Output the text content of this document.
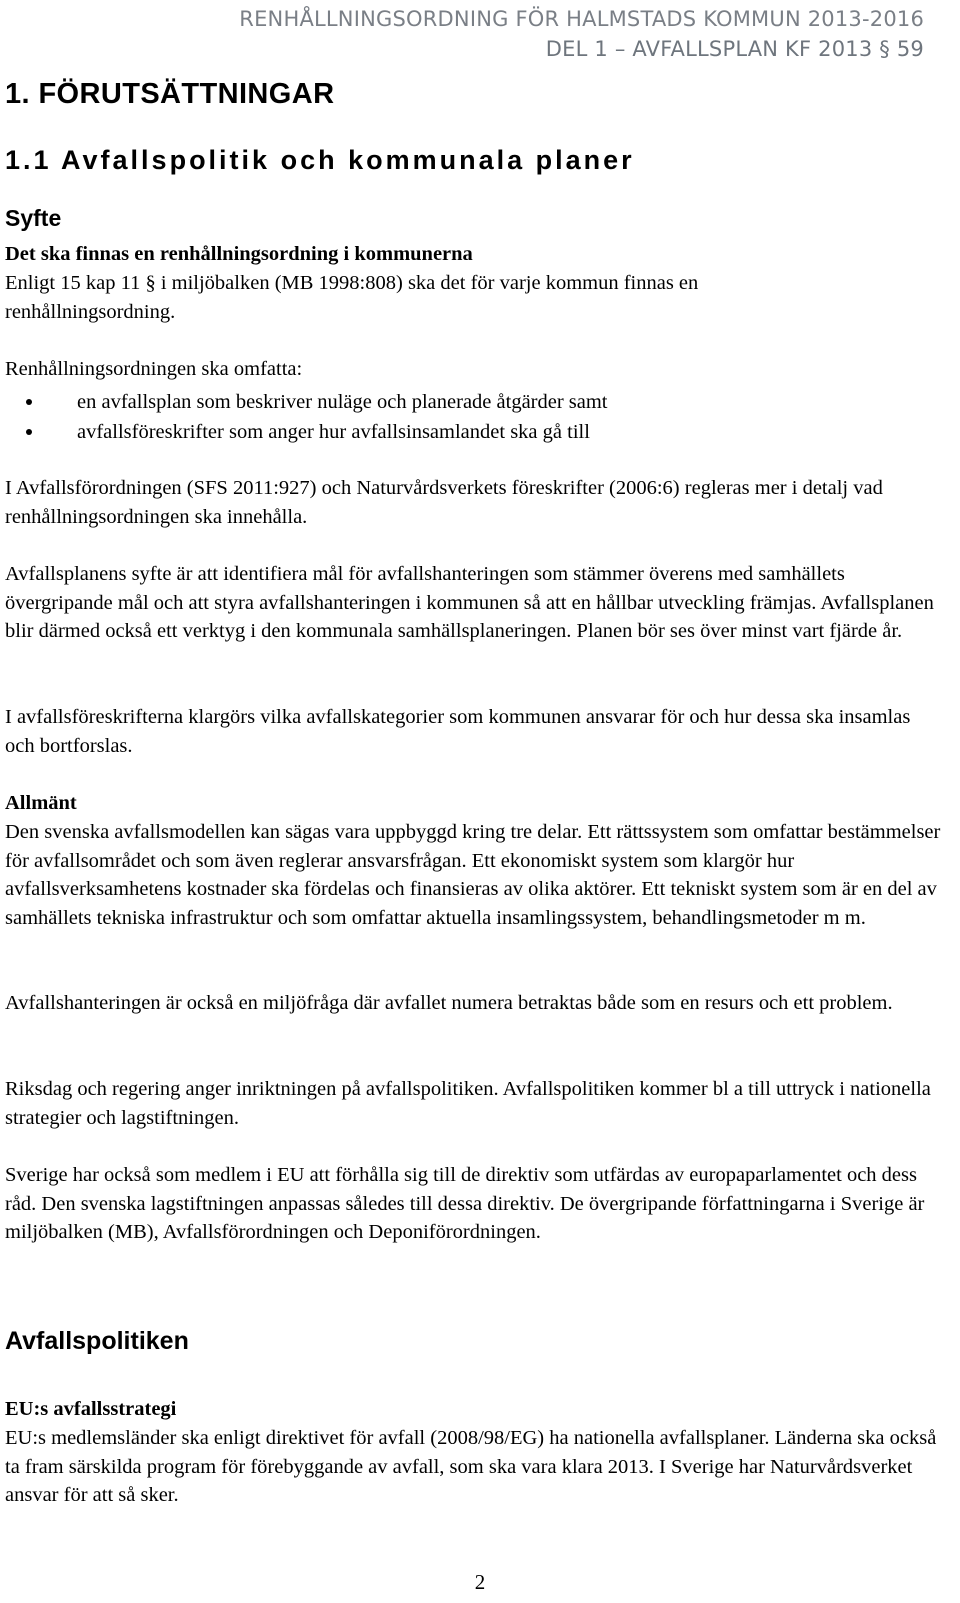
RENHÅLLNINGSORDNING FÖR HALMSTADS KOMMUN 2013-2016
DEL 1 – AVFALLSPLAN KF 2013 § 59
1. FÖRUTSÄTTNINGAR
1.1 Avfallspolitik och kommunala planer
Syfte

Det ska finnas en renhållningsordning i kommunerna

Enligt 15 kap 11 § i miljöbalken (MB 1998:808) ska det för varje kommun finnas en renhållningsordning.

Renhållningsordningen ska omfatta:

en avfallsplan som beskriver nuläge och planerade åtgärder samt
avfallsföreskrifter som anger hur avfallsinsamlandet ska gå till

I Avfallsförordningen (SFS 2011:927) och Naturvårdsverkets föreskrifter (2006:6) regleras mer i detalj vad renhållningsordningen ska innehålla.

Avfallsplanens syfte är att identifiera mål för avfallshanteringen som stämmer överens med samhällets övergripande mål och att styra avfallshanteringen i kommunen så att en hållbar utveckling främjas. Avfallsplanen blir därmed också ett verktyg i den kommunala samhällsplaneringen. Planen bör ses över minst vart fjärde år.

I avfallsföreskrifterna klargörs vilka avfallskategorier som kommunen ansvarar för och hur dessa ska insamlas och bortforslas.

Allmänt

Den svenska avfallsmodellen kan sägas vara uppbyggd kring tre delar. Ett rättssystem som omfattar bestämmelser för avfallsområdet och som även reglerar ansvarsfrågan. Ett ekonomiskt system som klargör hur avfallsverksamhetens kostnader ska fördelas och finansieras av olika aktörer. Ett tekniskt system som är en del av samhällets tekniska infrastruktur och som omfattar aktuella insamlingssystem, behandlingsmetoder m m.

Avfallshanteringen är också en miljöfråga där avfallet numera betraktas både som en resurs och ett problem.

Riksdag och regering anger inriktningen på avfallspolitiken. Avfallspolitiken kommer bl a till uttryck i nationella strategier och lagstiftningen.

Sverige har också som medlem i EU att förhålla sig till de direktiv som utfärdas av europaparlamentet och dess råd. Den svenska lagstiftningen anpassas således till dessa direktiv. De övergripande författningarna i Sverige är miljöbalken (MB), Avfallsförordningen och Deponiförordningen.

Avfallspolitiken

EU:s avfallsstrategi

EU:s medlemsländer ska enligt direktivet för avfall (2008/98/EG) ha nationella avfallsplaner. Länderna ska också ta fram särskilda program för förebyggande av avfall, som ska vara klara 2013. I Sverige har Naturvårdsverket ansvar för att så sker.

2
